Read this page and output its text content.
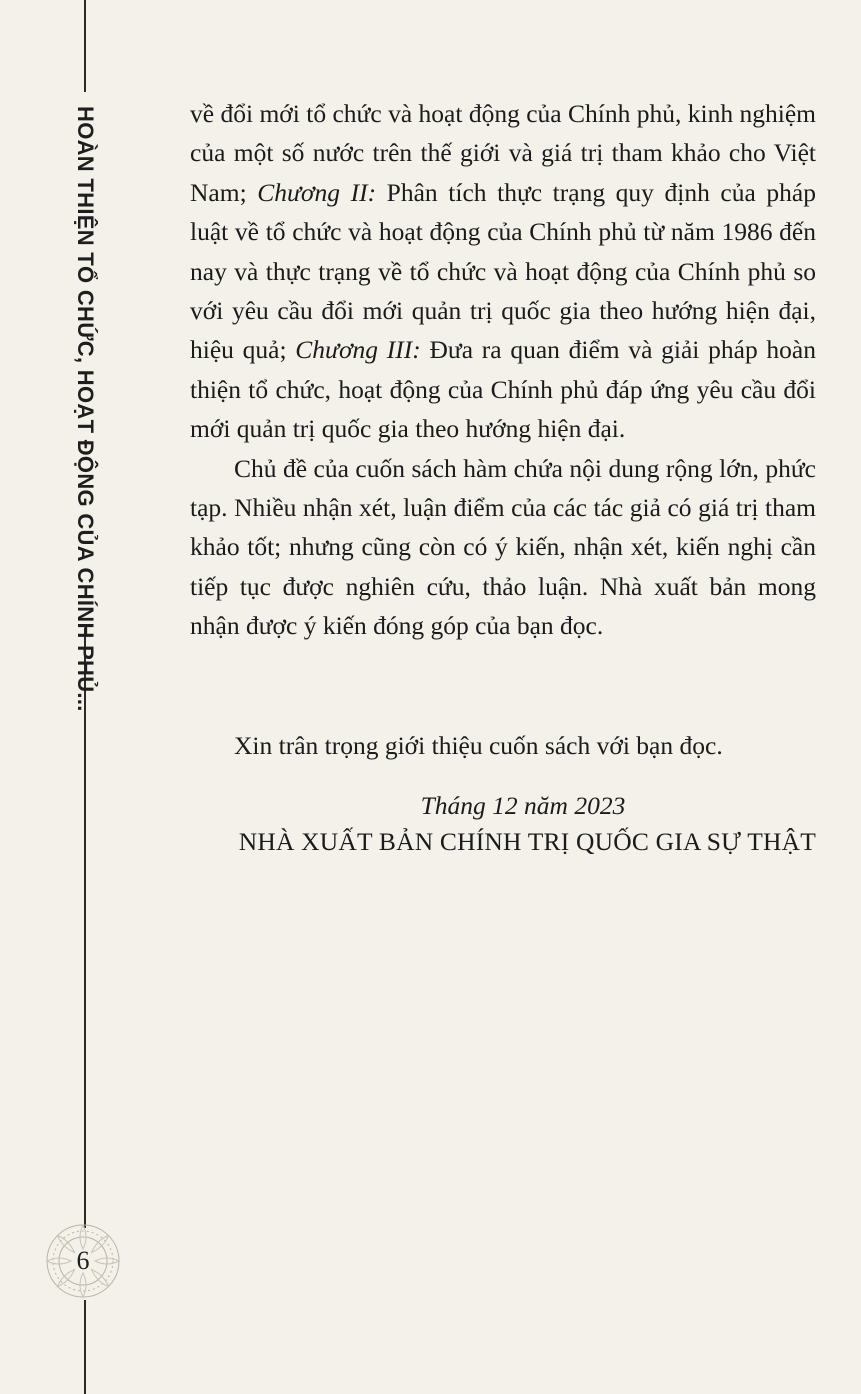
HOÀN THIỆN TỔ CHỨC, HOẠT ĐỘNG CỦA CHÍNH PHỦ...
6

về đổi mới tổ chức và hoạt động của Chính phủ, kinh nghiệm của một số nước trên thế giới và giá trị tham khảo cho Việt Nam; Chương II: Phân tích thực trạng quy định của pháp luật về tổ chức và hoạt động của Chính phủ từ năm 1986 đến nay và thực trạng về tổ chức và hoạt động của Chính phủ so với yêu cầu đổi mới quản trị quốc gia theo hướng hiện đại, hiệu quả; Chương III: Đưa ra quan điểm và giải pháp hoàn thiện tổ chức, hoạt động của Chính phủ đáp ứng yêu cầu đổi mới quản trị quốc gia theo hướng hiện đại.

Chủ đề của cuốn sách hàm chứa nội dung rộng lớn, phức tạp. Nhiều nhận xét, luận điểm của các tác giả có giá trị tham khảo tốt; nhưng cũng còn có ý kiến, nhận xét, kiến nghị cần tiếp tục được nghiên cứu, thảo luận. Nhà xuất bản mong nhận được ý kiến đóng góp của bạn đọc.

Xin trân trọng giới thiệu cuốn sách với bạn đọc.
Tháng 12 năm 2023
NHÀ XUẤT BẢN CHÍNH TRỊ QUỐC GIA SỰ THẬT
